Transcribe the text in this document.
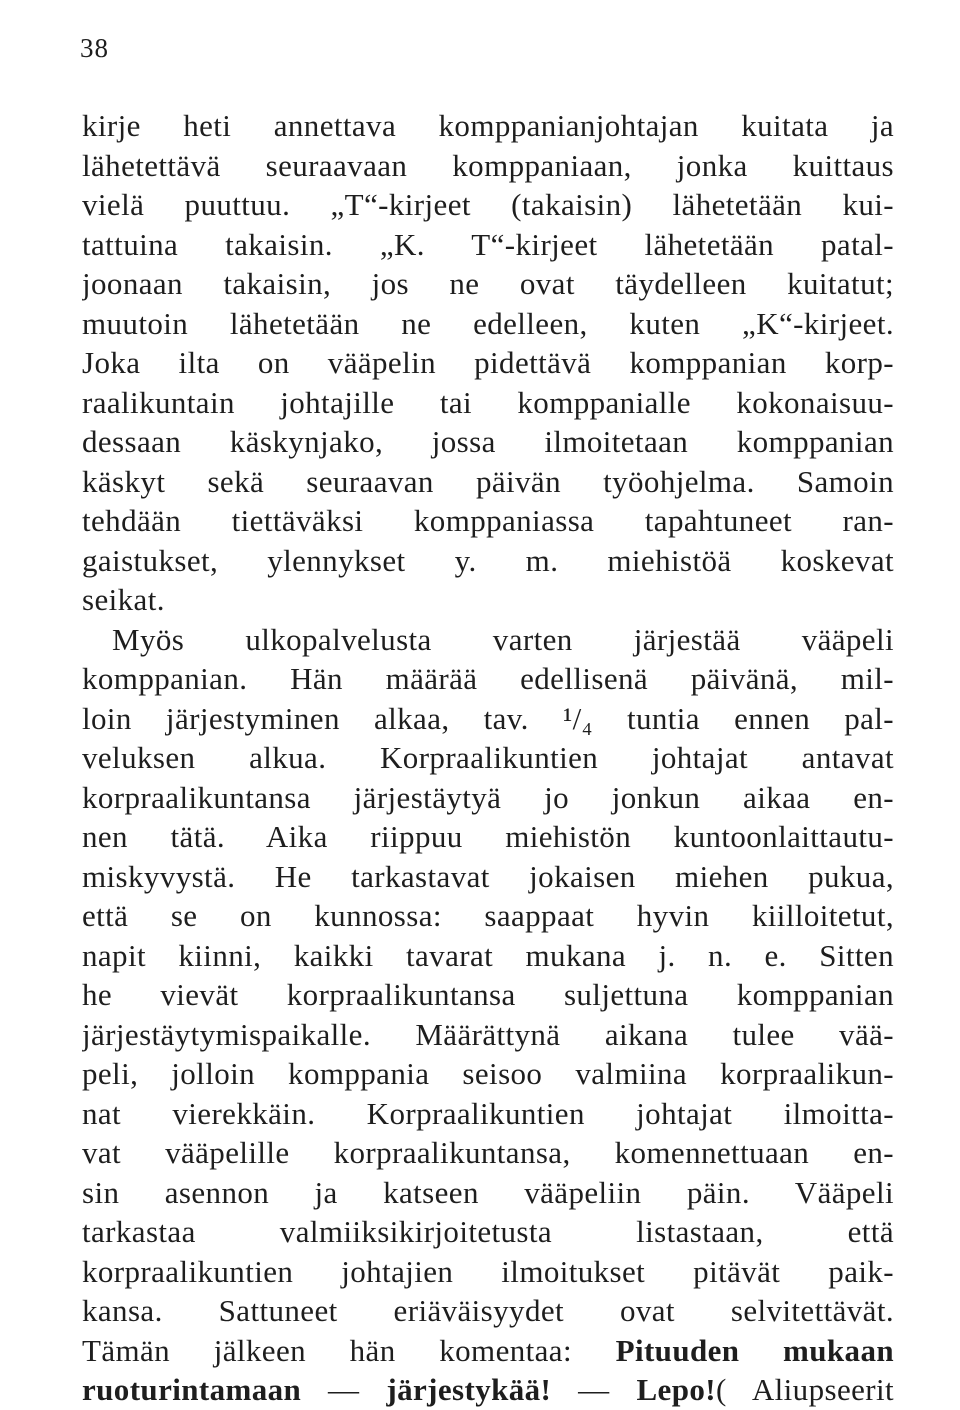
38
kirje heti annettava komppanianjohtajan kuitata ja
lähetettävä seuraavaan komppaniaan, jonka kuittaus
vielä puuttuu. „T“-kirjeet (takaisin) lähetetään kui-
tattuina takaisin. „K. T“-kirjeet lähetetään patal-
joonaan takaisin, jos ne ovat täydelleen kuitatut;
muutoin lähetetään ne edelleen, kuten „K“-kirjeet.
Joka ilta on vääpelin pidettävä komppanian korp-
raalikuntain johtajille tai komppanialle kokonaisuu-
dessaan käskynjako, jossa ilmoitetaan komppanian
käskyt sekä seuraavan päivän työohjelma. Samoin
tehdään tiettäväksi komppaniassa tapahtuneet ran-
gaistukset, ylennykset y. m. miehistöä koskevat
seikat.
Myös ulkopalvelusta varten järjestää vääpeli
komppanian. Hän määrää edellisenä päivänä, mil-
loin järjestyminen alkaa, tav. ¹/₄ tuntia ennen pal-
veluksen alkua. Korpraalikuntien johtajat antavat
korpraalikuntansa järjestäytyä jo jonkun aikaa en-
nen tätä. Aika riippuu miehistön kuntoonlaittautu-
miskyvystä. He tarkastavat jokaisen miehen pukua,
että se on kunnossa: saappaat hyvin kiilloitetut,
napit kiinni, kaikki tavarat mukana j. n. e. Sitten
he vievät korpraalikuntansa suljettuna komppanian
järjestäytymispaikalle. Määrättynä aikana tulee vää-
peli, jolloin komppania seisoo valmiina korpraalikun-
nat vierekkäin. Korpraalikuntien johtajat ilmoitta-
vat vääpelille korpraalikuntansa, komennettuaan en-
sin asennon ja katseen vääpeliin päin. Vääpeli
tarkastaa valmiiksikirjoitetusta listastaan, että
korpraalikuntien johtajien ilmoitukset pitävät paik-
kansa. Sattuneet eriäväisyydet ovat selvitettävät.
Tämän jälkeen hän komentaa: Pituuden mukaan
ruoturintamaan — järjestykää! — Lepo!( Aliupseerit
